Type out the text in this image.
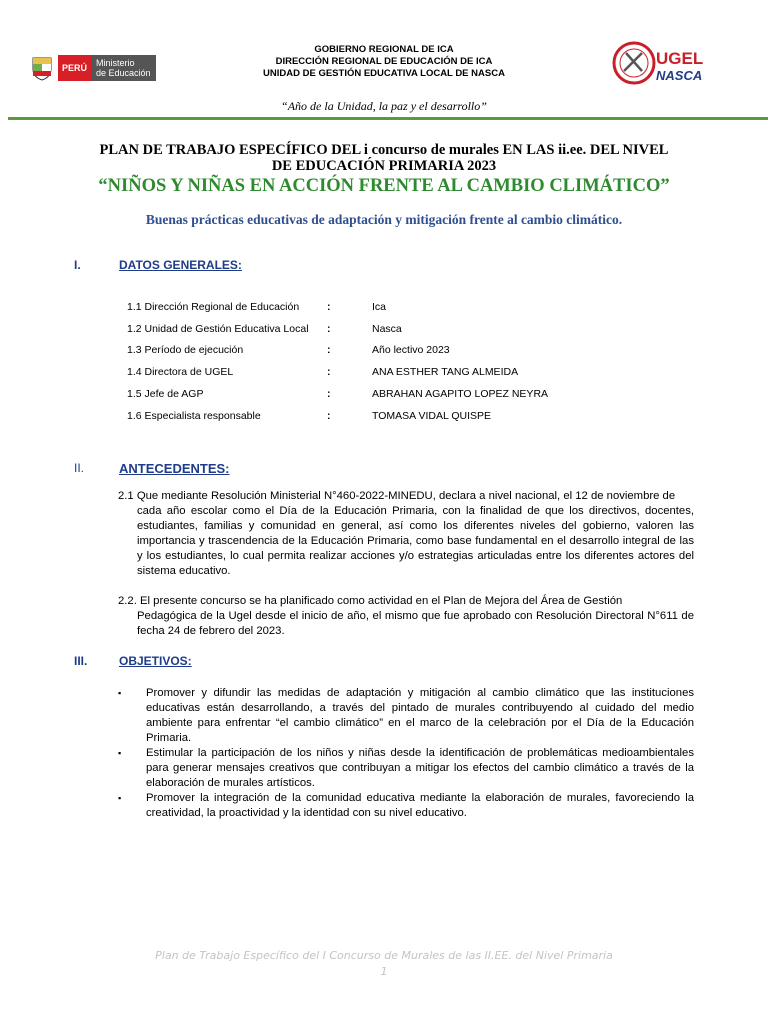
PERÚ	Ministerio
de Educación
GOBIERNO REGIONAL DE ICA
DIRECCIÓN REGIONAL DE EDUCACIÓN DE ICA
UNIDAD DE GESTIÓN EDUCATIVA LOCAL DE NASCA
UGEL
NASCA
“Año de la Unidad, la paz y el desarrollo”
PLAN DE TRABAJO ESPECÍFICO DEL i concurso de murales EN LAS ii.ee. DEL NIVEL
DE EDUCACIÓN PRIMARIA 2023
“NIÑOS Y NIÑAS EN ACCIÓN FRENTE AL CAMBIO CLIMÁTICO”
Buenas prácticas educativas de adaptación y mitigación frente al cambio climático.
I.	DATOS GENERALES:
1.1 Dirección Regional de Educación	:	Ica
1.2 Unidad de Gestión Educativa Local :	Nasca
1.3 Período de ejecución	:	Año lectivo 2023
1.4 Directora de UGEL	:	ANA ESTHER TANG ALMEIDA
1.5 Jefe de AGP	:	ABRAHAN AGAPITO LOPEZ NEYRA
1.6 Especialista responsable	:	TOMASA VIDAL QUISPE
II.	ANTECEDENTES:
2.1 Que mediante Resolución Ministerial N°460-2022-MINEDU, declara a nivel nacional, el 12 de noviembre de
cada año escolar como el Día de la Educación Primaria, con la finalidad de que los directivos, docentes, estudiantes, familias y comunidad en general, así como los diferentes niveles del gobierno, valoren las importancia y trascendencia de la Educación Primaria, como base fundamental en el desarrollo integral de las y los estudiantes, lo cual permita realizar acciones y/o estrategias articuladas entre los diferentes actores del sistema educativo.
2.2. El presente concurso se ha planificado como actividad en el Plan de Mejora del Área de Gestión
Pedagógica de la Ugel desde el inicio de año, el mismo que fue aprobado con Resolución Directoral N°611 de fecha 24 de febrero del 2023.
III.	OBJETIVOS:
▪ Promover y difundir las medidas de adaptación y mitigación al cambio climático que las instituciones educativas están desarrollando, a través del pintado de murales contribuyendo al cuidado del medio ambiente para enfrentar “el cambio climático” en el marco de la celebración por el Día de la Educación Primaria.
▪ Estimular la participación de los niños y niñas desde la identificación de problemáticas medioambientales para generar mensajes creativos que contribuyan a mitigar los efectos del cambio climático a través de la elaboración de murales artísticos.
▪ Promover la integración de la comunidad educativa mediante la elaboración de murales, favoreciendo la creatividad, la proactividad y la identidad con su nivel educativo.
Plan de Trabajo Específico del I Concurso de Murales de las II.EE. del Nivel Primaria
1
